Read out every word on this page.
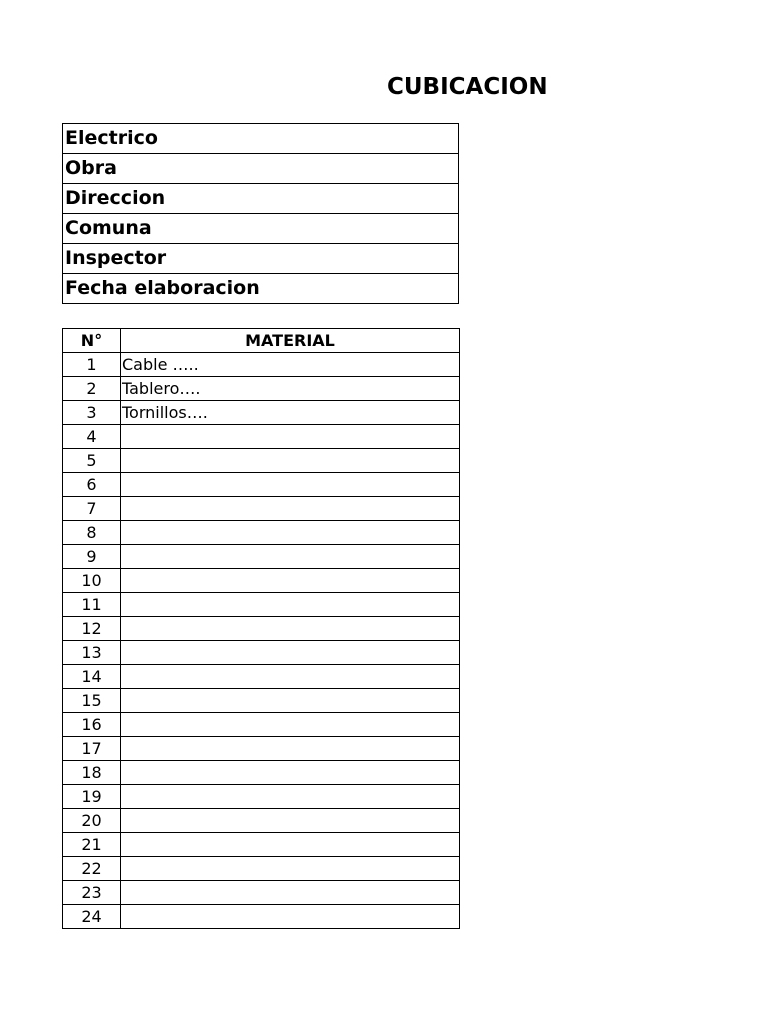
CUBICACION
Electrico
Obra
Direccion
Comuna
Inspector
Fecha elaboracion
N°	MATERIAL
1	Cable …..
2	Tablero….
3	Tornillos….
4	
5	
6	
7	
8	
9	
10	
11	
12	
13	
14	
15	
16	
17	
18	
19	
20	
21	
22	
23	
24	
